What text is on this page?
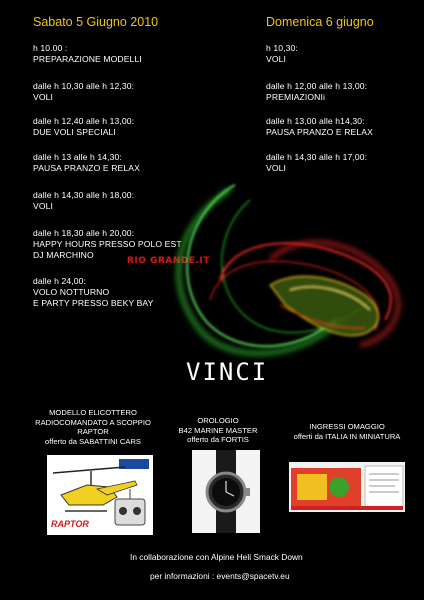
Sabato 5 Giugno 2010
h 10.00 :
PREPARAZIONE MODELLI
dalle h 10,30 alle h 12,30:
VOLI
dalle h 12,40 alle h 13,00:
DUE VOLI SPECIALI
dalle h 13 alle h 14,30:
PAUSA PRANZO E RELAX
dalle h 14,30 alle h 18,00:
VOLI
dalle h 18,30 alle h 20,00:
HAPPY HOURS PRESSO POLO EST
DJ MARCHINO
dalle h 24,00:
VOLO NOTTURNO
E PARTY PRESSO BEKY BAY
RIO GRANDE.IT
Domenica 6 giugno
h 10,30:
VOLI
dalle h 12,00 alle h 13,00:
PREMIAZIONIi
dalle h 13,00 alle h14,30:
PAUSA PRANZO E RELAX
dalle h 14,30 alle h 17,00:
VOLI
VINCI
MODELLO ELICOTTERO
RADIOCOMANDATO A SCOPPIO
RAPTOR
offerto da SABATTINI CARS
OROLOGIO
B42 MARINE MASTER
offerto da FORTIS
INGRESSI OMAGGIO
offerti da ITALIA IN MINIATURA
RAPTOR
In collaborazione con Alpine Heli Smack Down
per informazioni : events@spacetv.eu
